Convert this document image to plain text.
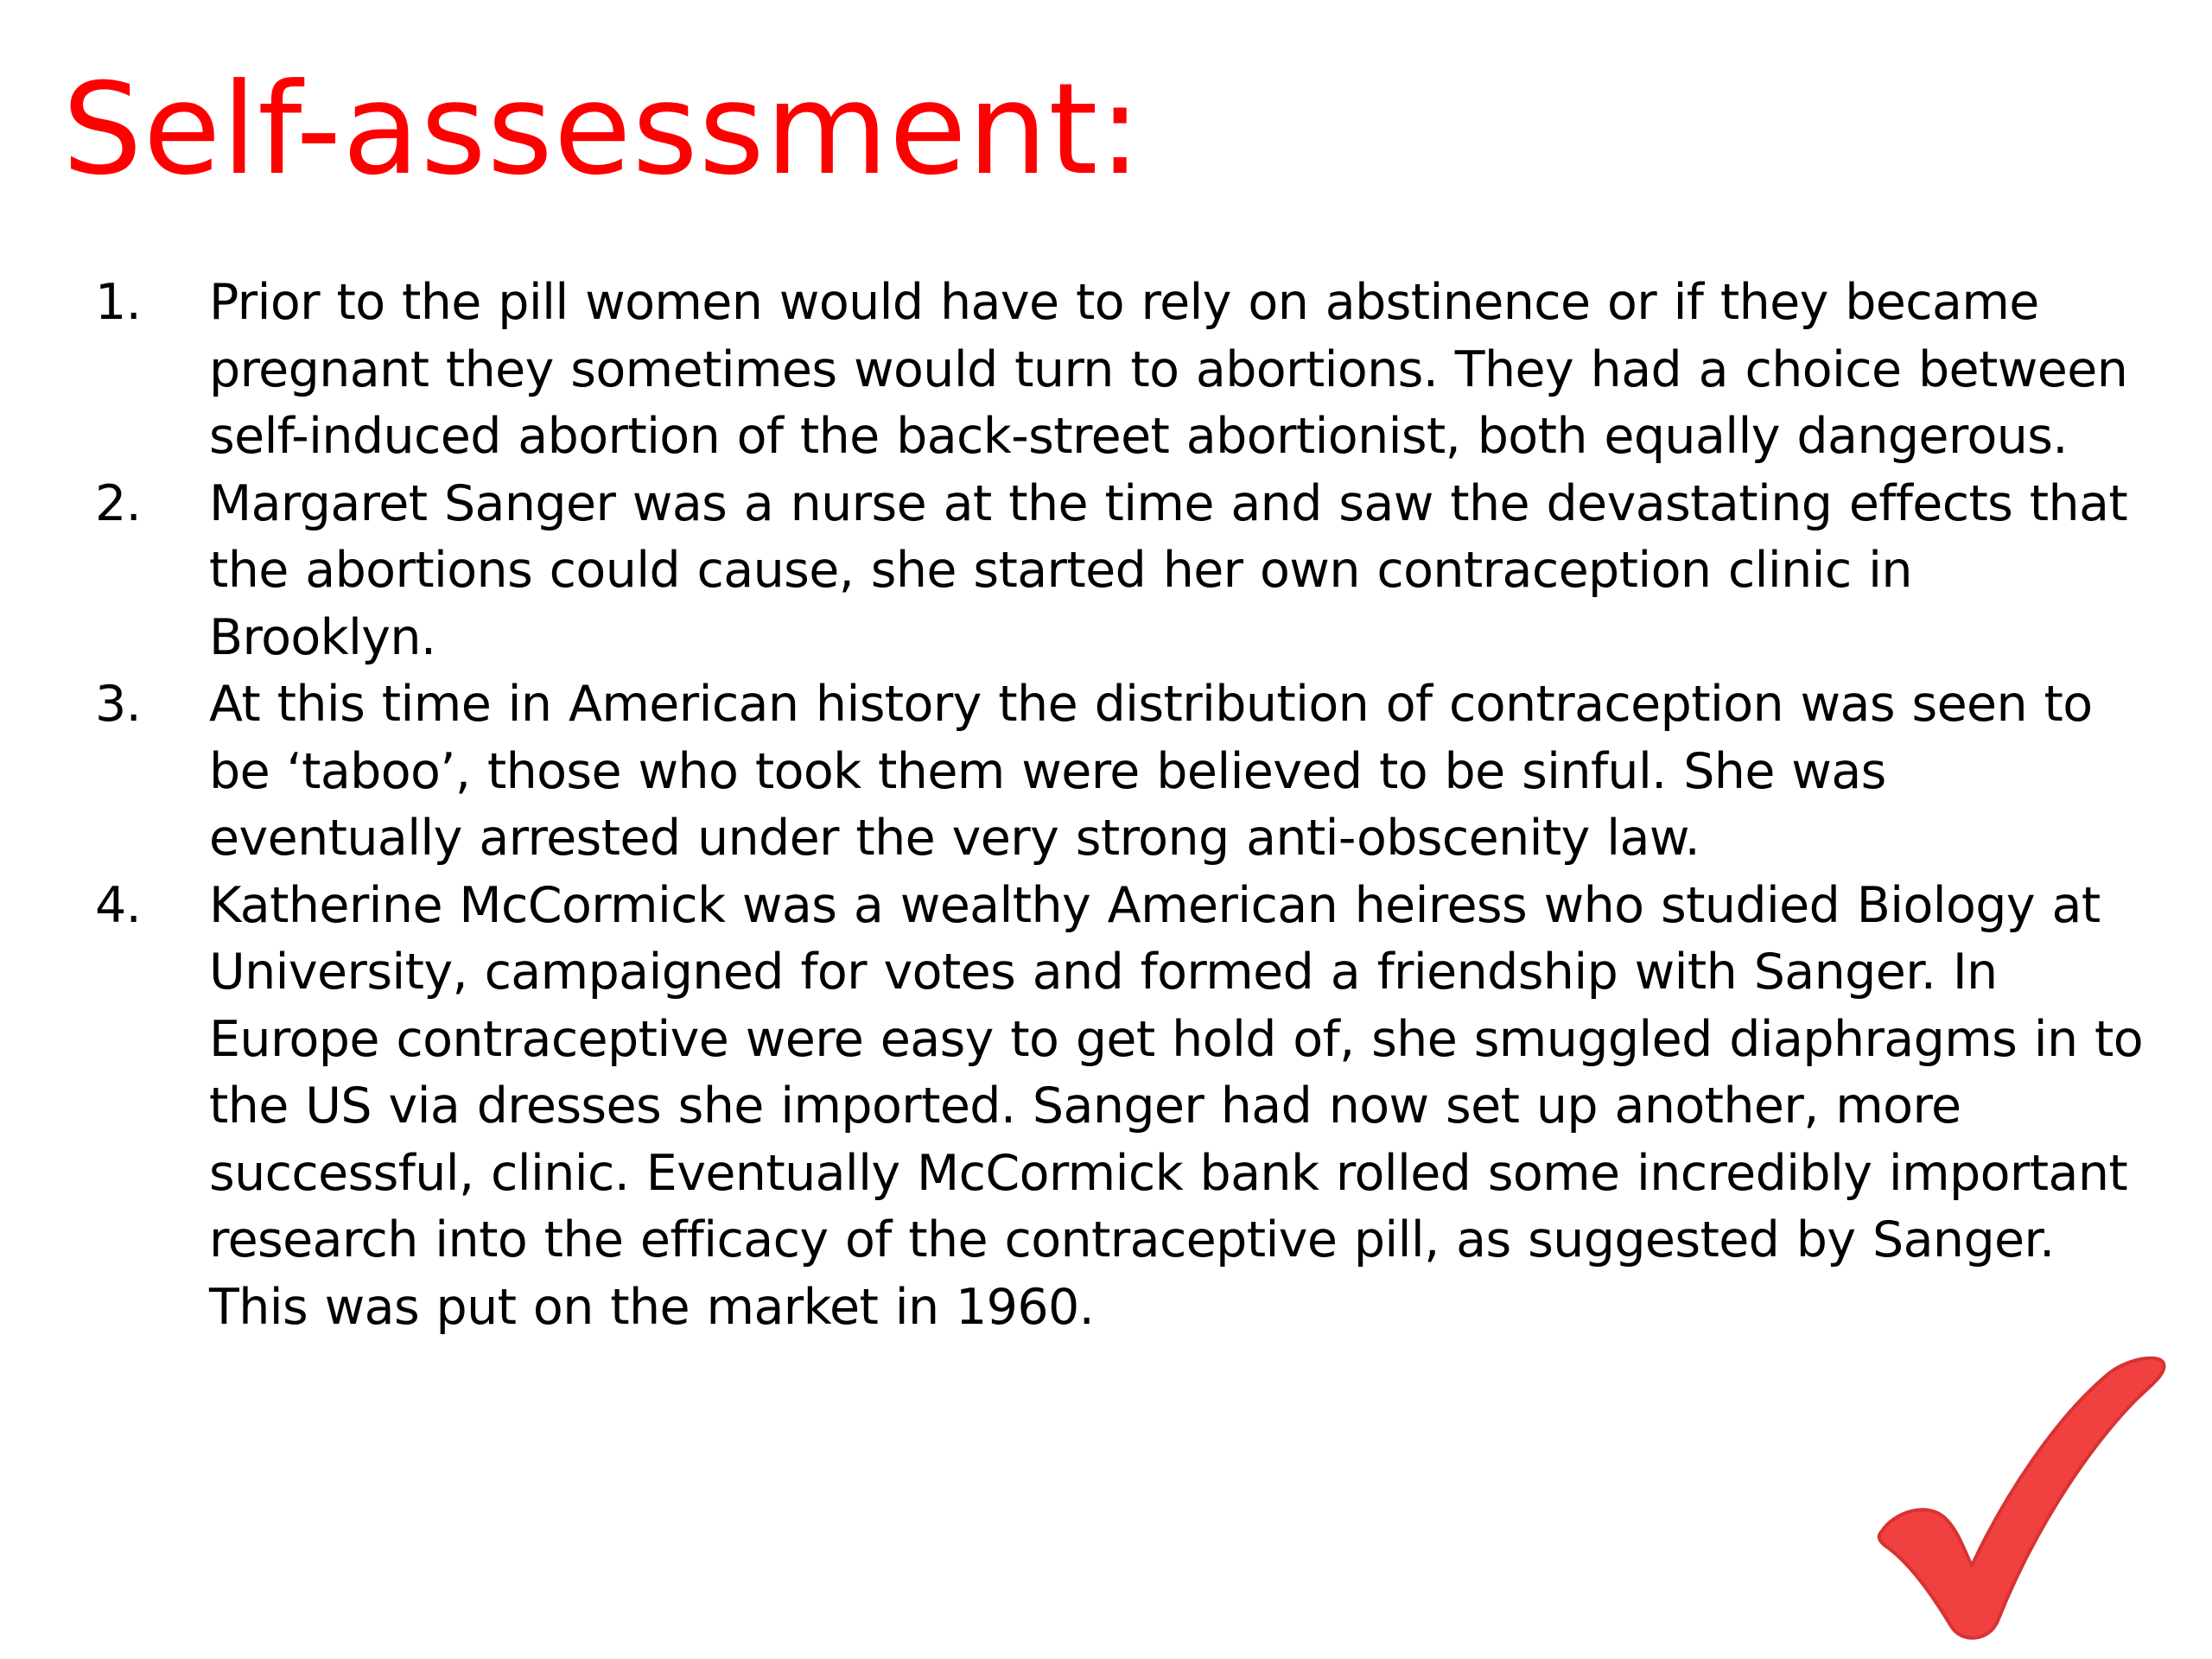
Self-assessment:
1.	Prior to the pill women would have to rely on abstinence or if they became pregnant they sometimes would turn to abortions. They had a choice between self-induced abortion of the back-street abortionist, both equally dangerous.
2.	Margaret Sanger was a nurse at the time and saw the devastating effects that the abortions could cause, she started her own contraception clinic in Brooklyn.
3.	At this time in American history the distribution of contraception was seen to be ‘taboo’, those who took them were believed to be sinful. She was eventually arrested under the very strong anti-obscenity law.
4.	Katherine McCormick was a wealthy American heiress who studied Biology at University, campaigned for votes and formed a friendship with Sanger. In Europe contraceptive were easy to get hold of, she smuggled diaphragms in to the US via dresses she imported. Sanger had now set up another, more successful, clinic. Eventually McCormick bank rolled some incredibly important research into the efficacy of the contraceptive pill, as suggested by Sanger. This was put on the market in 1960.
